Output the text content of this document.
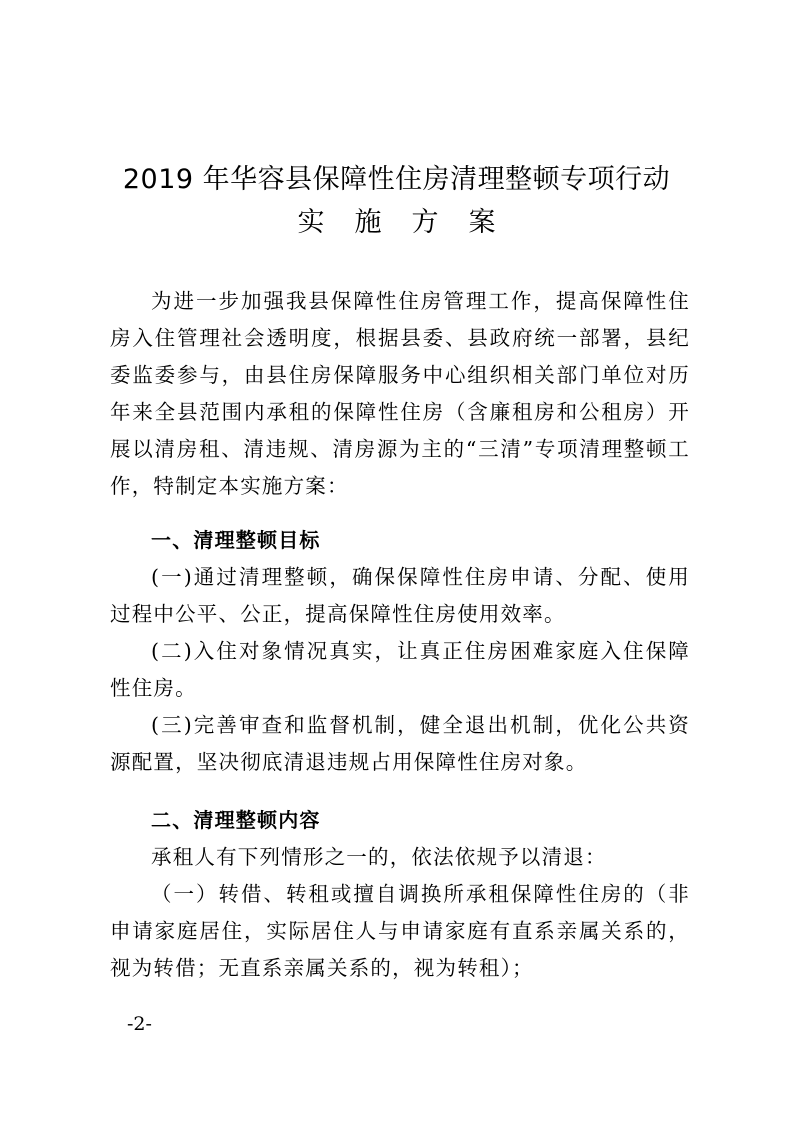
2019 年华容县保障性住房清理整顿专项行动
实施方案

为进一步加强我县保障性住房管理工作，提高保障性住房入住管理社会透明度，根据县委、县政府统一部署，县纪委监委参与，由县住房保障服务中心组织相关部门单位对历年来全县范围内承租的保障性住房（含廉租房和公租房）开展以清房租、清违规、清房源为主的“三清”专项清理整顿工作，特制定本实施方案：

一、清理整顿目标

(一)通过清理整顿，确保保障性住房申请、分配、使用过程中公平、公正，提高保障性住房使用效率。

(二)入住对象情况真实，让真正住房困难家庭入住保障性住房。

(三)完善审查和监督机制，健全退出机制，优化公共资源配置，坚决彻底清退违规占用保障性住房对象。

二、清理整顿内容

承租人有下列情形之一的，依法依规予以清退：

（一）转借、转租或擅自调换所承租保障性住房的（非申请家庭居住，实际居住人与申请家庭有直系亲属关系的，视为转借；无直系亲属关系的，视为转租）；

-2-
